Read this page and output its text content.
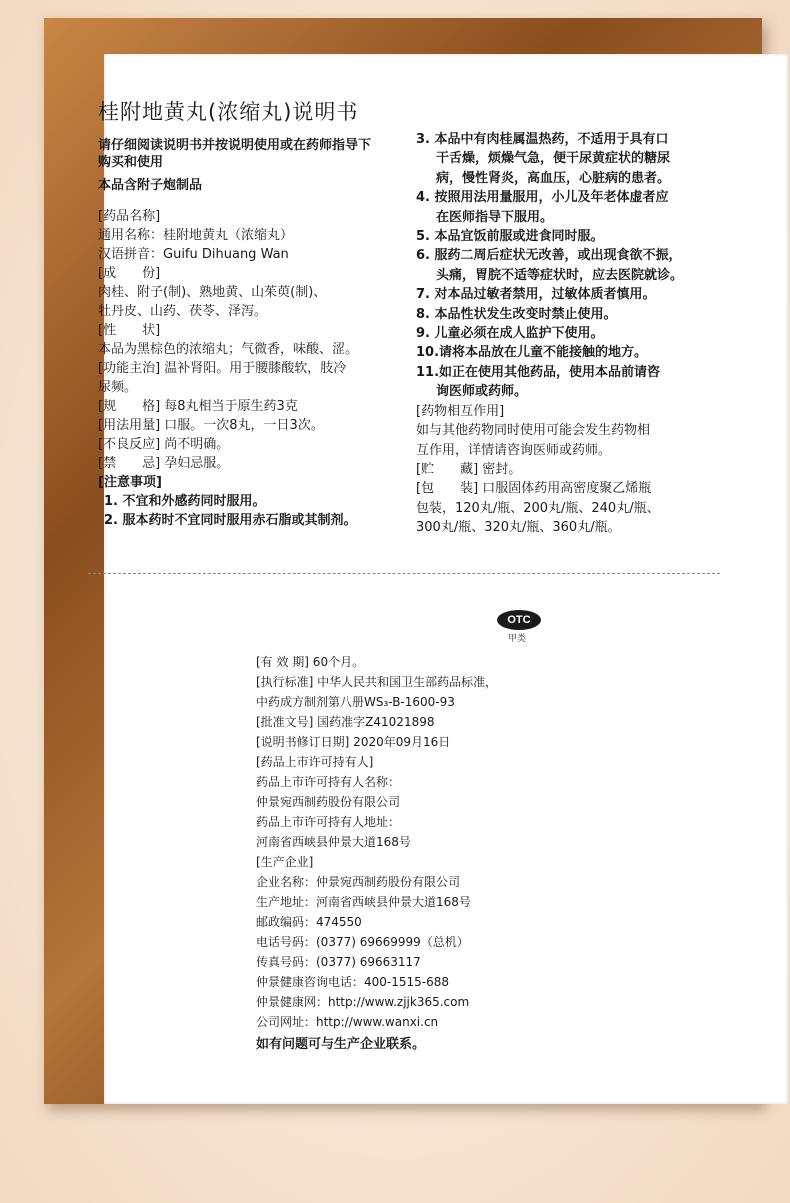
桂附地黄丸(浓缩丸)说明书
请仔细阅读说明书并按说明使用或在药师指导下
购买和使用
本品含附子炮制品
[药品名称]
通用名称：桂附地黄丸（浓缩丸）
汉语拼音：Guifu Dihuang Wan
[成　　份]
肉桂、附子(制)、熟地黄、山茱萸(制)、
牡丹皮、山药、茯苓、泽泻。
[性　　状]
本品为黑棕色的浓缩丸；气微香，味酸、涩。
[功能主治] 温补肾阳。用于腰膝酸软，肢冷
尿频。
[规　　格] 每8丸相当于原生药3克
[用法用量] 口服。一次8丸，一日3次。
[不良反应] 尚不明确。
[禁　　忌] 孕妇忌服。
[注意事项]
1. 不宜和外感药同时服用。
2. 服本药时不宜同时服用赤石脂或其制剂。
3. 本品中有肉桂属温热药，不适用于具有口
干舌燥，烦燥气急，便干尿黄症状的糖尿
病，慢性肾炎，高血压，心脏病的患者。
4. 按照用法用量服用，小儿及年老体虚者应
在医师指导下服用。
5. 本品宜饭前服或进食同时服。
6. 服药二周后症状无改善，或出现食欲不振，
头痛，胃脘不适等症状时，应去医院就诊。
7. 对本品过敏者禁用，过敏体质者慎用。
8. 本品性状发生改变时禁止使用。
9. 儿童必须在成人监护下使用。
10.请将本品放在儿童不能接触的地方。
11.如正在使用其他药品，使用本品前请咨
询医师或药师。
[药物相互作用]
如与其他药物同时使用可能会发生药物相
互作用，详情请咨询医师或药师。
[贮　　藏] 密封。
[包　　装] 口服固体药用高密度聚乙烯瓶
包装，120丸/瓶、200丸/瓶、240丸/瓶、
300丸/瓶、320丸/瓶、360丸/瓶。
OTC
甲类
[有 效 期] 60个月。
[执行标准] 中华人民共和国卫生部药品标准，
中药成方制剂第八册WS₃-B-1600-93
[批准文号] 国药准字Z41021898
[说明书修订日期] 2020年09月16日
[药品上市许可持有人]
药品上市许可持有人名称：
仲景宛西制药股份有限公司
药品上市许可持有人地址：
河南省西峡县仲景大道168号
[生产企业]
企业名称：仲景宛西制药股份有限公司
生产地址：河南省西峡县仲景大道168号
邮政编码：474550
电话号码：(0377) 69669999（总机）
传真号码：(0377) 69663117
仲景健康咨询电话：400-1515-688
仲景健康网：http://www.zjjk365.com
公司网址：http://www.wanxi.cn
如有问题可与生产企业联系。
